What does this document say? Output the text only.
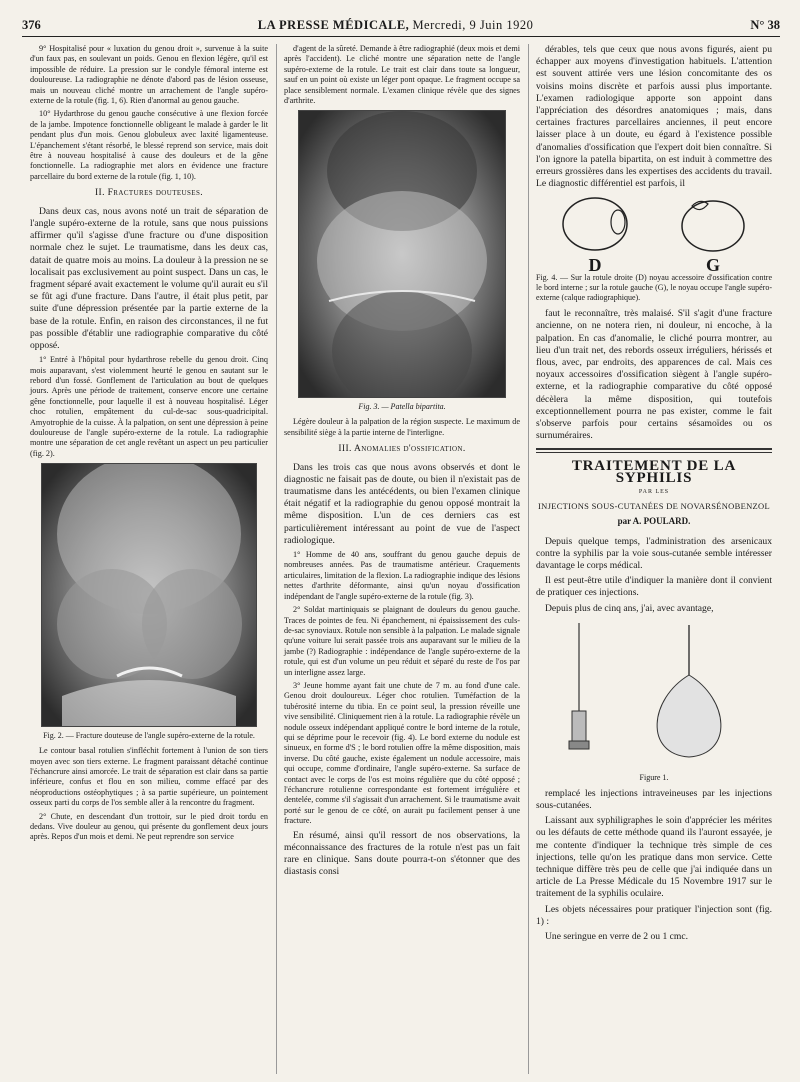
376	LA PRESSE MÉDICALE, Mercredi, 9 Juin 1920	N° 38

9° Hospitalisé pour « luxation du genou droit », survenue à la suite d'un faux pas, en soulevant un poids. Genou en flexion légère, qu'il est impossible de réduire. La pression sur le condyle fémoral interne est douloureuse. La radiographie ne dénote d'abord pas de lésion osseuse, mais un nouveau cliché montre un arrachement de l'angle supéro-externe de la rotule (fig. 1, 6). Rien d'anormal au genou gauche.

10° Hydarthrose du genou gauche consécutive à une flexion forcée de la jambe. Impotence fonctionnelle obligeant le malade à garder le lit pendant plus d'un mois. Genou globuleux avec laxité ligamenteuse. L'épanchement s'étant résorbé, le blessé reprend son service, mais doit être à nouveau hospitalisé à cause des douleurs et de la gêne fonctionnelle. La radiographie met alors en évidence une fracture parcellaire du bord externe de la rotule (fig. 1, 10).

II. Fractures douteuses.

Dans deux cas, nous avons noté un trait de séparation de l'angle supéro-externe de la rotule, sans que nous puissions affirmer qu'il s'agisse d'une fracture ou d'une disposition normale chez le sujet. Le traumatisme, dans les deux cas, datait de quatre mois au moins. La douleur à la pression ne se localisait pas exclusivement au point suspect. Dans un cas, le fragment séparé avait exactement le volume qu'il aurait eu s'il se fût agi d'une fracture. Dans l'autre, il était plus petit, par suite d'une dépression présentée par la partie externe de la base de la rotule. Enfin, en raison des circonstances, il ne fut pas possible d'établir une radiographie comparative du côté opposé.

1° Entré à l'hôpital pour hydarthrose rebelle du genou droit. Cinq mois auparavant, s'est violemment heurté le genou en sautant sur le rebord d'un fossé. Gonflement de l'articulation au bout de quelques jours. Après une période de traitement, conserve encore une certaine gêne fonctionnelle, pour laquelle il est à nouveau hospitalisé. Léger choc rotulien, empâtement du cul-de-sac sous-quadricipital. Amyotrophie de la cuisse. À la palpation, on sent une dépression à peine douloureuse de l'angle supéro-externe de la rotule. La radiographie montre une séparation de cet angle revêtant un aspect un peu particulier (fig. 2).

Fig. 2. — Fracture douteuse de l'angle supéro-externe de la rotule.

Le contour basal rotulien s'infléchit fortement à l'union de son tiers moyen avec son tiers externe. Le fragment paraissant détaché continue l'échancrure ainsi amorcée. Le trait de séparation est clair dans sa partie inférieure, confus et flou en son milieu, comme effacé par des néoproductions ostéophytiques ; à sa partie supérieure, un pointement osseux parti du corps de l'os semble aller à la rencontre du fragment.

2° Chute, en descendant d'un trottoir, sur le pied droit tordu en dedans. Vive douleur au genou, qui présente du gonflement deux jours après. Repos d'un mois et demi. Ne peut reprendre son service

d'agent de la sûreté. Demande à être radiographié (deux mois et demi après l'accident). Le cliché montre une séparation nette de l'angle supéro-externe de la rotule. Le trait est clair dans toute sa longueur, sauf en un point où existe un léger pont opaque. Le fragment occupe sa place sensiblement normale. L'examen clinique révèle que des signes d'arthrite.

Fig. 3. — Patella bipartita.

Légère douleur à la palpation de la région suspecte. Le maximum de sensibilité siège à la partie interne de l'interligne.

III. Anomalies d'ossification.

Dans les trois cas que nous avons observés et dont le diagnostic ne faisait pas de doute, ou bien il n'existait pas de traumatisme dans les antécédents, ou bien l'examen clinique était négatif et la radiographie du genou opposé montrait la même disposition. L'un de ces derniers cas est particulièrement intéressant au point de vue de l'aspect radiologique.

1° Homme de 40 ans, souffrant du genou gauche depuis de nombreuses années. Pas de traumatisme antérieur. Craquements articulaires, limitation de la flexion. La radiographie indique des lésions nettes d'arthrite déformante, ainsi qu'un noyau d'ossification indépendant de l'angle supéro-externe de la rotule (fig. 3).

2° Soldat martiniquais se plaignant de douleurs du genou gauche. Traces de pointes de feu. Ni épanchement, ni épaississement des culs-de-sac synoviaux. Rotule non sensible à la palpation. Le malade signale qu'une voiture lui serait passée trois ans auparavant sur le milieu de la jambe (?) Radiographie : indépendance de l'angle supéro-externe de la rotule, qui est d'un volume un peu réduit et séparé du reste de l'os par un interligne assez large.

3° Jeune homme ayant fait une chute de 7 m. au fond d'une cale. Genou droit douloureux. Léger choc rotulien. Tuméfaction de la tubérosité interne du tibia. En ce point seul, la pression réveille une vive sensibilité. Cliniquement rien à la rotule. La radiographie révèle un nodule osseux indépendant appliqué contre le bord interne de la rotule, qui se déprime pour le recevoir (fig. 4). Le bord externe du nodule est sinueux, en forme d'S ; le bord rotulien offre la même disposition, mais inverse. Du côté gauche, existe également un nodule accessoire, mais qui occupe, comme d'ordinaire, l'angle supéro-externe. Sa surface de contact avec le corps de l'os est moins régulière que du côté opposé ; l'échancrure rotulienne correspondante est fortement irrégulière et dentelée, comme s'il s'agissait d'un arrachement. Si le traumatisme avait porté sur le genou de ce côté, on aurait pu facilement penser à une fracture.

En résumé, ainsi qu'il ressort de nos observations, la méconnaissance des fractures de la rotule n'est pas un fait rare en clinique. Sans doute pourra-t-on s'étonner que des diastasis consi

dérables, tels que ceux que nous avons figurés, aient pu échapper aux moyens d'investigation habituels. L'attention est souvent attirée vers une lésion concomitante des os voisins moins discrète et parfois aussi plus importante. L'examen radiologique apporte son appoint dans l'appréciation des désordres anatomiques ; mais, dans certaines fractures parcellaires anciennes, il peut encore laisser place à un doute, eu égard à l'existence possible d'anomalies d'ossification que l'expert doit bien connaître. Si l'on ignore la patella bipartita, on est induit à commettre des erreurs grossières dans les expertises des accidents du travail. Le diagnostic différentiel est parfois, il

D	G
Fig. 4. — Sur la rotule droite (D) noyau accessoire d'ossification contre le bord interne ; sur la rotule gauche (G), le noyau occupe l'angle supéro-externe (calque radiographique).

faut le reconnaître, très malaisé. S'il s'agit d'une fracture ancienne, on ne notera rien, ni douleur, ni encoche, à la palpation. En cas d'anomalie, le cliché pourra montrer, au lieu d'un trait net, des rebords osseux irréguliers, hérissés et flous, avec, par endroits, des apparences de cal. Mais ces noyaux accessoires d'ossification siègent à l'angle supéro-externe, et la radiographie comparative du côté opposé décèlera la même disposition, qui toutefois exceptionnellement pourra ne pas exister, comme le fait s'observe parfois pour certains sésamoïdes ou os surnuméraires.

TRAITEMENT DE LA SYPHILIS
PAR LES
INJECTIONS SOUS-CUTANÉES DE NOVARSÉNOBENZOL
par A. POULARD.

Depuis quelque temps, l'administration des arsenicaux contre la syphilis par la voie sous-cutanée semble intéresser davantage le corps médical.

Il est peut-être utile d'indiquer la manière dont il convient de pratiquer ces injections.

Depuis plus de cinq ans, j'ai, avec avantage,

Figure 1.

remplacé les injections intraveineuses par les injections sous-cutanées.

Laissant aux syphiligraphes le soin d'apprécier les mérites ou les défauts de cette méthode quand ils l'auront essayée, je me contente d'indiquer la technique très simple de ces injections, telle qu'on les pratique dans mon service. Cette technique diffère très peu de celle que j'ai indiquée dans un article de La Presse Médicale du 15 Novembre 1917 sur le traitement de la syphilis oculaire.

Les objets nécessaires pour pratiquer l'injection sont (fig. 1) :

Une seringue en verre de 2 ou 1 cmc.
